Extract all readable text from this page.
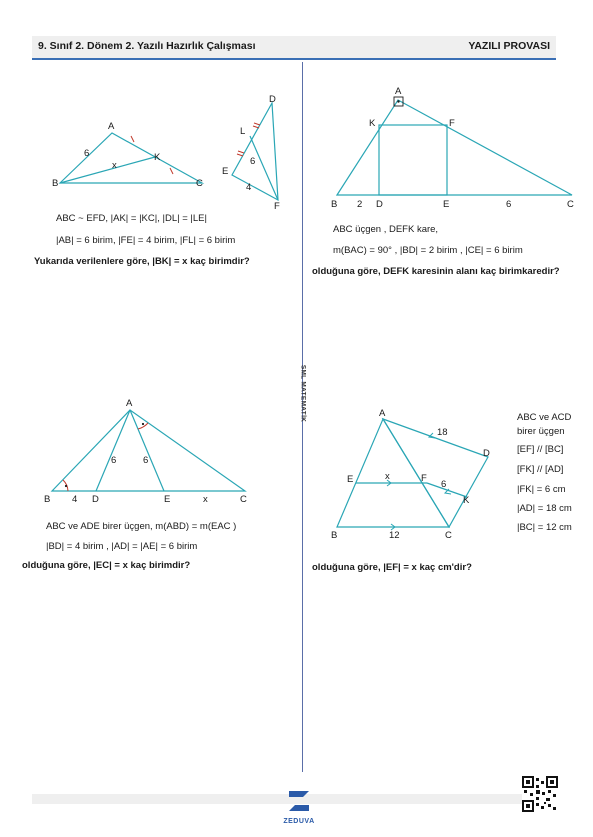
9. Sınıf 2. Dönem 2. Yazılı Hazırlık Çalışması	YAZILI PROVASI
SML MATEMATİK
A
B	C
K
6
x
D
L
E
F
6
4
ABC ~ EFD, |AK| = |KC|, |DL| = |LE|
|AB| = 6 birim, |FE| = 4 birim, |FL| = 6 birim
Yukarıda verilenlere göre, |BK| = x kaç birimdir?
A
K	F
B 2 D	E	6	C
ABC üçgen , DEFK kare,
m(BAC) = 90° , |BD| = 2 birim , |CE| = 6 birim
olduğuna göre, DEFK karesinin alanı kaç birimkaredir?
A
B 4 D
6	6
E	x	C
ABC ve ADE birer üçgen, m(ABD) = m(EAC )
|BD| = 4 birim , |AD| = |AE| = 6 birim
olduğuna göre, |EC| = x kaç birimdir?
A
18
D
E	x	F
6
K
B	12	C
ABC ve ACD
birer üçgen
[EF] // [BC]
[FK] // [AD]
|FK| = 6 cm
|AD| = 18 cm
|BC| = 12 cm
olduğuna göre, |EF| = x kaç cm'dir?
ZEDUVA
